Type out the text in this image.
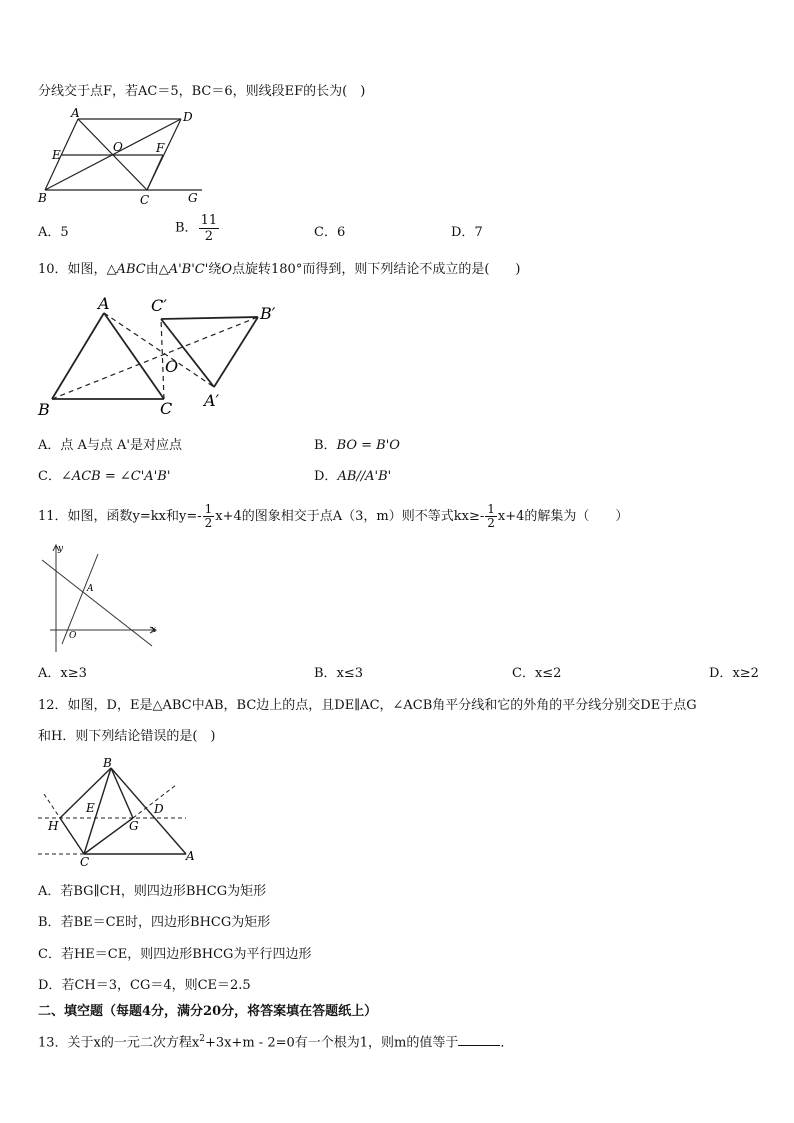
分线交于点F，若AC＝5，BC＝6，则线段EF的长为(　)
A	D
E
O	F
B	C	G
A．5	B． $\frac{11}{2}$	C．6	D．7
10．如图，△ABC由△A'B'C'绕O点旋转180°而得到，则下列结论不成立的是(　　)
A	C′	B′
O
B	C A′
A．点 A与点 A'是对应点	B．BO = B'O
C．∠ACB = ∠C'A'B'	D．AB//A'B'
11．如图，函数y=kx和$y=- \frac{1}{2} x+4$的图象相交于点A（3，m）则不等式$kx\ge- \frac{1}{2} x+4$的解集为（　　）
y
A
O
x
A．x≥3	B．x≤3	C．x≤2	D．x≥2
12．如图，D，E是△ABC中AB，BC边上的点，且DE∥AC，∠ACB角平分线和它的外角的平分线分别交DE于点G
和H．则下列结论错误的是(　)
B
E	D
H	G
C	A
A．若BG∥CH，则四边形BHCG为矩形
B．若BE＝CE时，四边形BHCG为矩形
C．若HE＝CE，则四边形BHCG为平行四边形
D．若CH＝3，CG＝4，则CE＝2.5
二、填空题（每题4分，满分20分，将答案填在答题纸上）
13．关于x的一元二次方程$x^2+3x+m - 2=0$有一个根为1，则m的值等于	．
